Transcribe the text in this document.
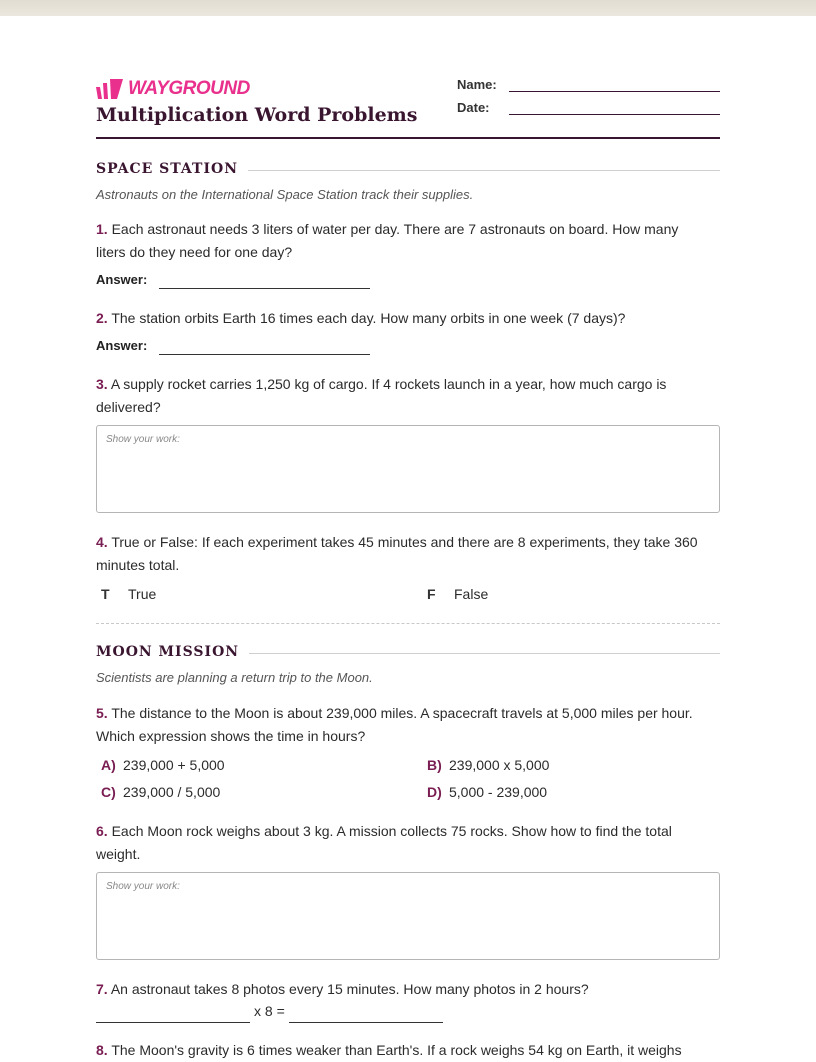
WAYGROUND
Multiplication Word Problems
Name:
Date:
SPACE STATION
Astronauts on the International Space Station track their supplies.
1. Each astronaut needs 3 liters of water per day. There are 7 astronauts on board. How many liters do they need for one day?
Answer:
2. The station orbits Earth 16 times each day. How many orbits in one week (7 days)?
Answer:
3. A supply rocket carries 1,250 kg of cargo. If 4 rockets launch in a year, how much cargo is delivered?
Show your work:
4. True or False: If each experiment takes 45 minutes and there are 8 experiments, they take 360 minutes total.
T True	F False
MOON MISSION
Scientists are planning a return trip to the Moon.
5. The distance to the Moon is about 239,000 miles. A spacecraft travels at 5,000 miles per hour. Which expression shows the time in hours?
A) 239,000 + 5,000	B) 239,000 x 5,000
C) 239,000 / 5,000	D) 5,000 - 239,000
6. Each Moon rock weighs about 3 kg. A mission collects 75 rocks. Show how to find the total weight.
Show your work:
7. An astronaut takes 8 photos every 15 minutes. How many photos in 2 hours?
x 8 =
8. The Moon's gravity is 6 times weaker than Earth's. If a rock weighs 54 kg on Earth, it weighs
